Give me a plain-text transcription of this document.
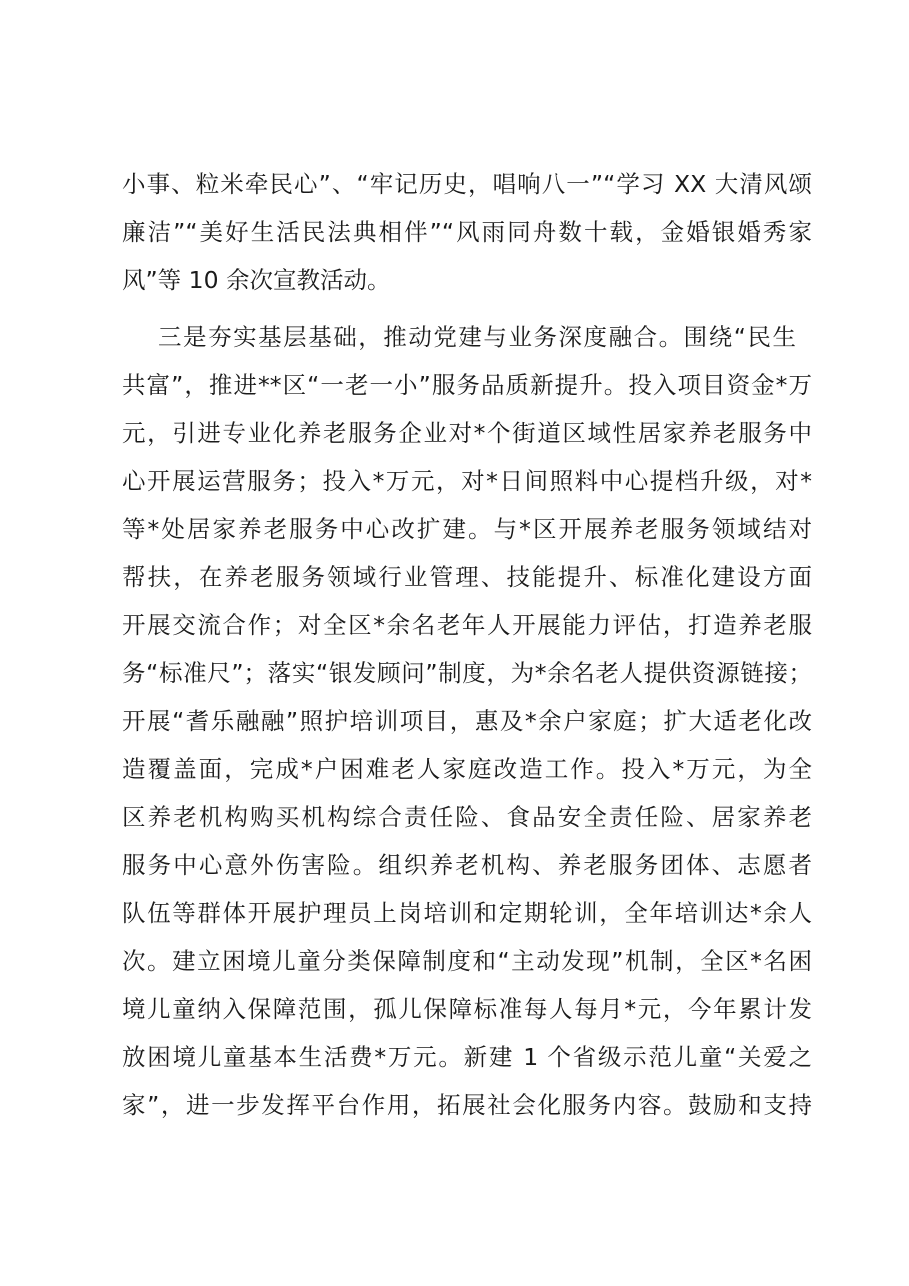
小事、粒米牵民心”、“牢记历史，唱响八一”“学习 XX 大清风颂
廉洁”“美好生活民法典相伴”“风雨同舟数十载，金婚银婚秀家
风”等 10 余次宣教活动。
三是夯实基层基础，推动党建与业务深度融合。围绕“民生
共富”，推进**区“一老一小”服务品质新提升。投入项目资金*万
元，引进专业化养老服务企业对*个街道区域性居家养老服务中
心开展运营服务；投入*万元，对*日间照料中心提档升级，对*
等*处居家养老服务中心改扩建。与*区开展养老服务领域结对
帮扶，在养老服务领域行业管理、技能提升、标准化建设方面
开展交流合作；对全区*余名老年人开展能力评估，打造养老服
务“标准尺”；落实“银发顾问”制度，为*余名老人提供资源链接；
开展“耆乐融融”照护培训项目，惠及*余户家庭；扩大适老化改
造覆盖面，完成*户困难老人家庭改造工作。投入*万元，为全
区养老机构购买机构综合责任险、食品安全责任险、居家养老
服务中心意外伤害险。组织养老机构、养老服务团体、志愿者
队伍等群体开展护理员上岗培训和定期轮训，全年培训达*余人
次。建立困境儿童分类保障制度和“主动发现”机制，全区*名困
境儿童纳入保障范围，孤儿保障标准每人每月*元，今年累计发
放困境儿童基本生活费*万元。新建 1 个省级示范儿童“关爱之
家”，进一步发挥平台作用，拓展社会化服务内容。鼓励和支持
